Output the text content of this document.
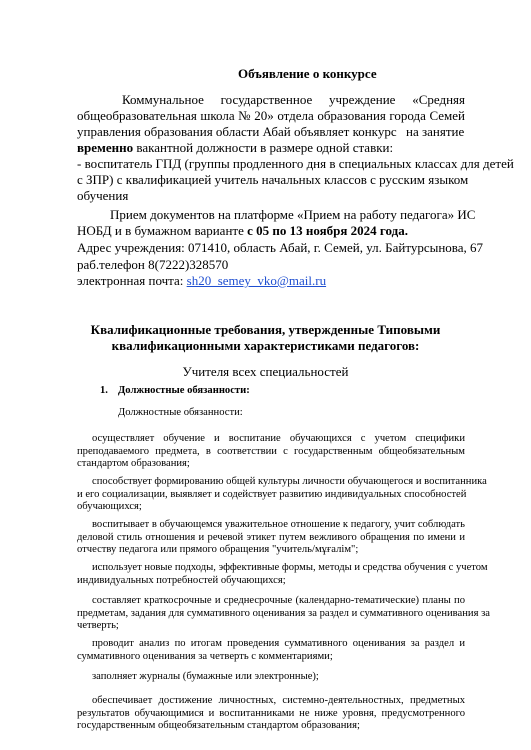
Объявление о конкурсе
Коммунальное государственное учреждение «Средняя
общеобразовательная школа № 20» отдела образования города Семей
управления образования области Абай объявляет конкурс на занятие
временно вакантной должности в размере одной ставки:
- воспитатель ГПД (группы продленного дня в специальных классах для детей
с ЗПР) с квалификацией учитель начальных классов с русским языком
обучения
Прием документов на платформе «Прием на работу педагога» ИС
НОБД и в бумажном варианте с 05 по 13 ноября 2024 года.
Адрес учреждения: 071410, область Абай, г. Семей, ул. Байтурсынова, 67
раб.телефон 8(7222)328570
электронная почта: sh20_semey_vko@mail.ru
Квалификационные требования, утвержденные Типовыми
квалификационными характеристиками педагогов:
Учителя всех специальностей
1. Должностные обязанности:
Должностные обязанности:
осуществляет обучение и воспитание обучающихся с учетом специфики
преподаваемого предмета, в соответствии с государственным общеобязательным
стандартом образования;
способствует формированию общей культуры личности обучающегося и воспитанника
и его социализации, выявляет и содействует развитию индивидуальных способностей
обучающихся;
воспитывает в обучающемся уважительное отношение к педагогу, учит соблюдать
деловой стиль отношения и речевой этикет путем вежливого обращения по имени и
отчеству педагога или прямого обращения "учитель/мұғалім";
использует новые подходы, эффективные формы, методы и средства обучения с учетом
индивидуальных потребностей обучающихся;
составляет краткосрочные и среднесрочные (календарно-тематические) планы по
предметам, задания для суммативного оценивания за раздел и суммативного оценивания за
четверть;
проводит анализ по итогам проведения суммативного оценивания за раздел и
суммативного оценивания за четверть с комментариями;
заполняет журналы (бумажные или электронные);
обеспечивает достижение личностных, системно-деятельностных, предметных
результатов обучающимися и воспитанниками не ниже уровня, предусмотренного
государственным общеобязательным стандартом образования;
